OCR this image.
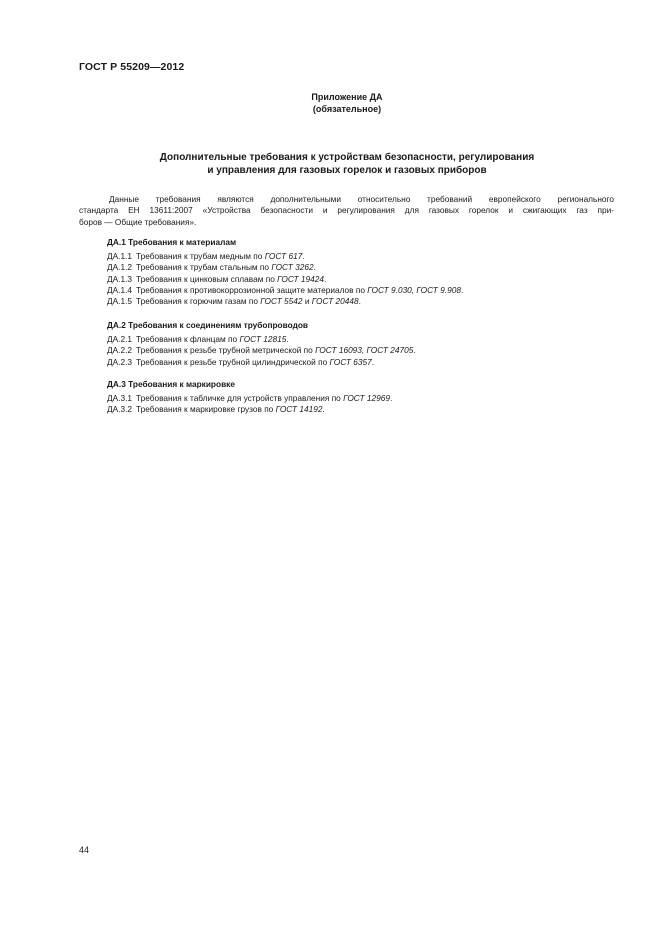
ГОСТ Р 55209—2012
Приложение ДА
(обязательное)
Дополнительные требования к устройствам безопасности, регулирования
и управления для газовых горелок и газовых приборов
Данные требования являются дополнительными относительно требований европейского регионального
стандарта ЕН 13611:2007 «Устройства безопасности и регулирования для газовых горелок и сжигающих газ при-
боров — Общие требования».
ДА.1 Требования к материалам
ДА.1.1 Требования к трубам медным по ГОСТ 617.
ДА.1.2 Требования к трубам стальным по ГОСТ 3262.
ДА.1.3 Требования к цинковым сплавам по ГОСТ 19424.
ДА.1.4 Требования к противокоррозионной защите материалов по ГОСТ 9.030, ГОСТ 9.908.
ДА.1.5 Требования к горючим газам по ГОСТ 5542 и ГОСТ 20448.
ДА.2 Требования к соединениям трубопроводов
ДА.2.1 Требования к фланцам по ГОСТ 12815.
ДА.2.2 Требования к резьбе трубной метрической по ГОСТ 16093, ГОСТ 24705.
ДА.2.3 Требования к резьбе трубной цилиндрической по ГОСТ 6357.
ДА.3 Требования к маркировке
ДА.3.1 Требования к табличке для устройств управления по ГОСТ 12969.
ДА.3.2 Требования к маркировке грузов по ГОСТ 14192.
44
